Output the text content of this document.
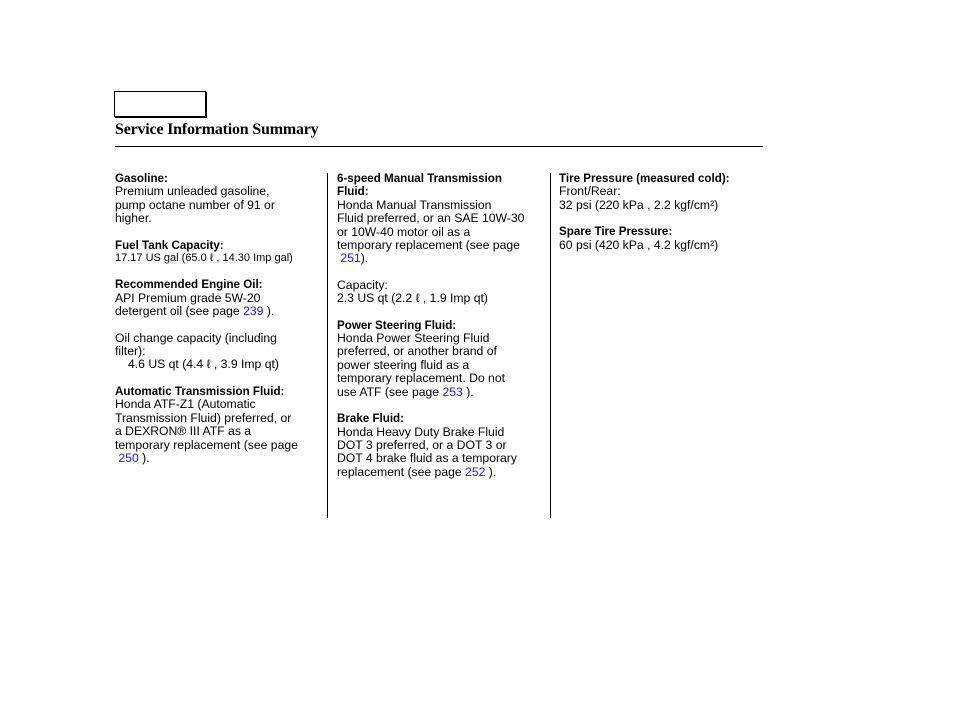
Service Information Summary

Gasoline:

Premium unleaded gasoline,

pump octane number of 91 or

higher.

Fuel Tank Capacity:

17.17 US gal (65.0 ℓ , 14.30 Imp gal)

Recommended Engine Oil:

API Premium grade 5W-20

detergent oil (see page 239 ).

Oil change capacity (including

filter):

4.6 US qt (4.4 ℓ , 3.9 Imp qt)

Automatic Transmission Fluid:

Honda ATF-Z1 (Automatic

Transmission Fluid) preferred, or

a DEXRON® III ATF as a

temporary replacement (see page

250 ).

6-speed Manual Transmission

Fluid:

Honda Manual Transmission

Fluid preferred, or an SAE 10W-30

or 10W-40 motor oil as a

temporary replacement (see page

251).

Capacity:

2.3 US qt (2.2 ℓ , 1.9 Imp qt)

Power Steering Fluid:

Honda Power Steering Fluid

preferred, or another brand of

power steering fluid as a

temporary replacement. Do not

use ATF (see page 253 ).

Brake Fluid:

Honda Heavy Duty Brake Fluid

DOT 3 preferred, or a DOT 3 or

DOT 4 brake fluid as a temporary

replacement (see page 252 ).

Tire Pressure (measured cold):

Front/Rear:

32 psi (220 kPa , 2.2 kgf/cm²)

Spare Tire Pressure:

60 psi (420 kPa , 4.2 kgf/cm²)
